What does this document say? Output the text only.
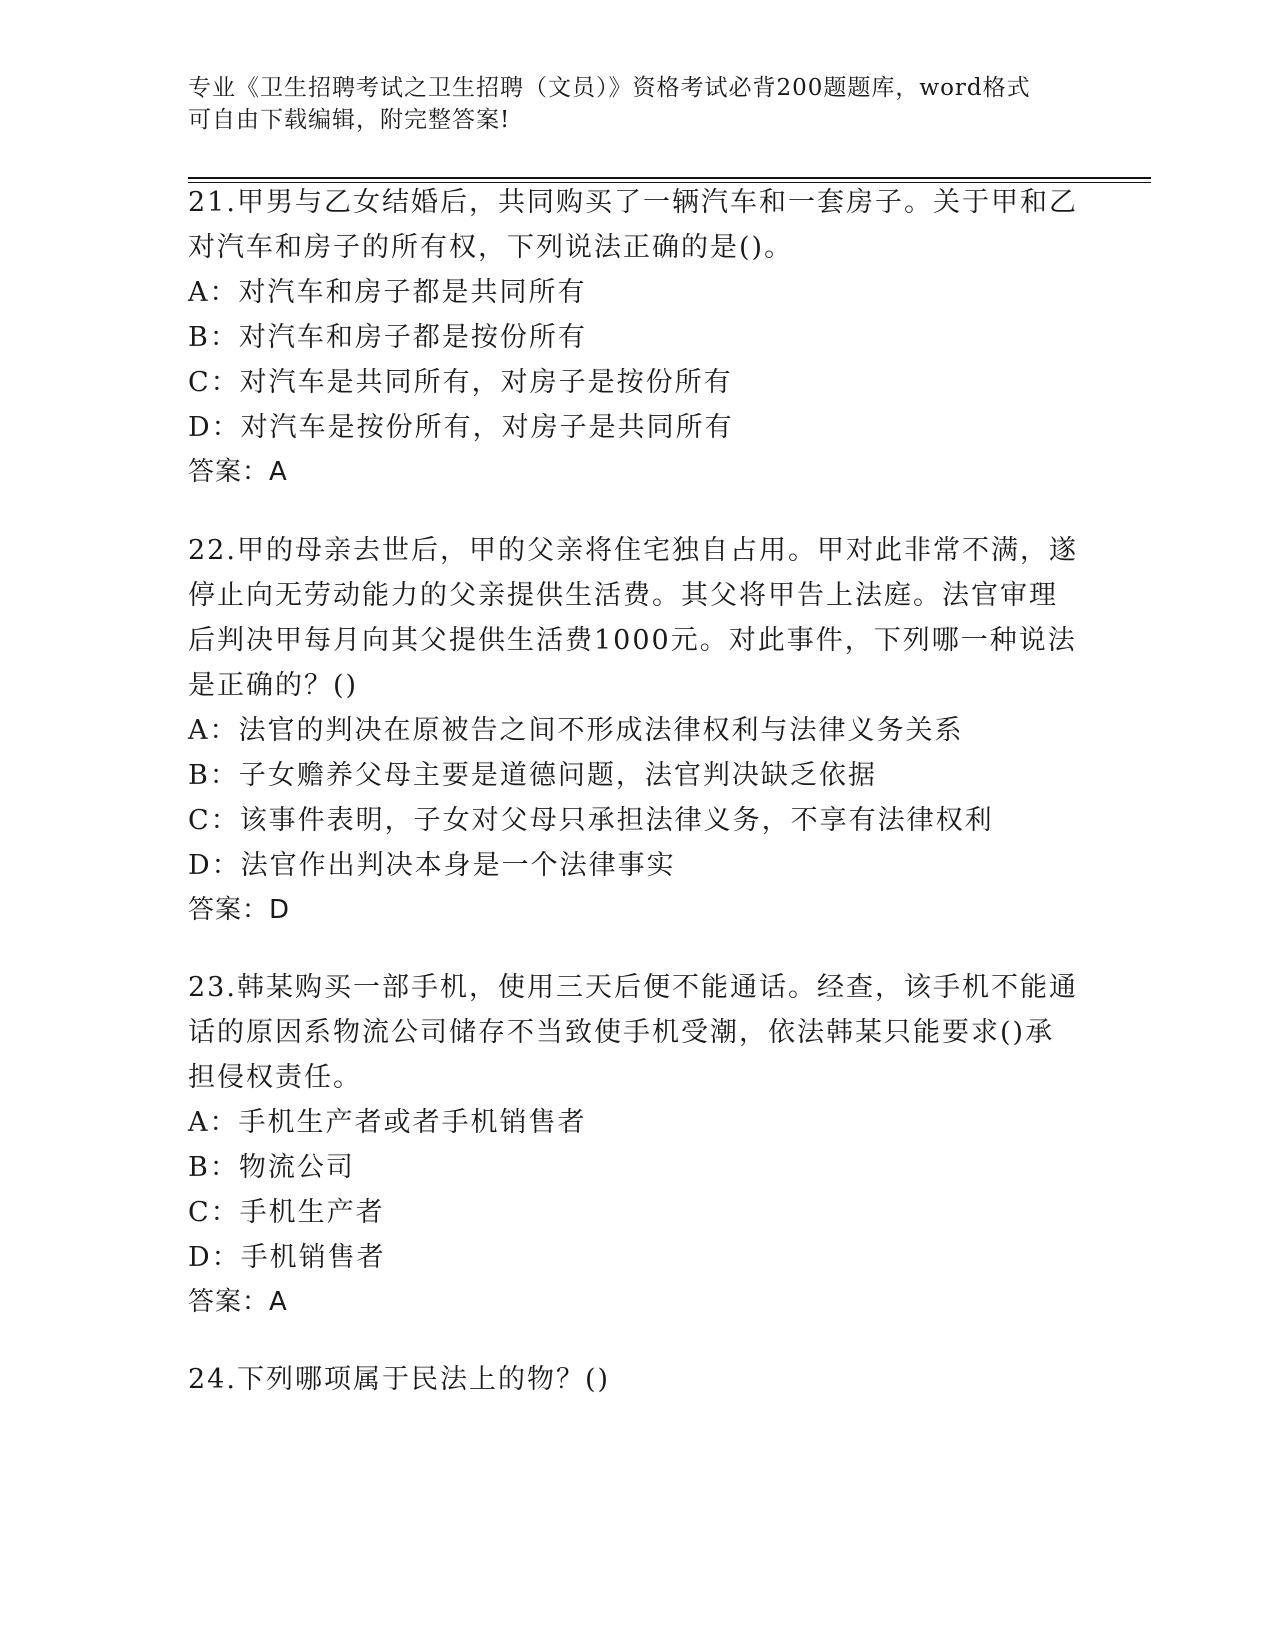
专业《卫生招聘考试之卫生招聘（文员）》资格考试必背200题题库，word格式
可自由下载编辑，附完整答案!
21.甲男与乙女结婚后，共同购买了一辆汽车和一套房子。关于甲和乙对汽车和房子的所有权，下列说法正确的是()。
A：对汽车和房子都是共同所有
B：对汽车和房子都是按份所有
C：对汽车是共同所有，对房子是按份所有
D：对汽车是按份所有，对房子是共同所有
答案：A
22.甲的母亲去世后，甲的父亲将住宅独自占用。甲对此非常不满，遂停止向无劳动能力的父亲提供生活费。其父将甲告上法庭。法官审理后判决甲每月向其父提供生活费1000元。对此事件，下列哪一种说法是正确的？()
A：法官的判决在原被告之间不形成法律权利与法律义务关系
B：子女赡养父母主要是道德问题，法官判决缺乏依据
C：该事件表明，子女对父母只承担法律义务，不享有法律权利
D：法官作出判决本身是一个法律事实
答案：D
23.韩某购买一部手机，使用三天后便不能通话。经查，该手机不能通话的原因系物流公司储存不当致使手机受潮，依法韩某只能要求()承担侵权责任。
A：手机生产者或者手机销售者
B：物流公司
C：手机生产者
D：手机销售者
答案：A
24.下列哪项属于民法上的物？()
